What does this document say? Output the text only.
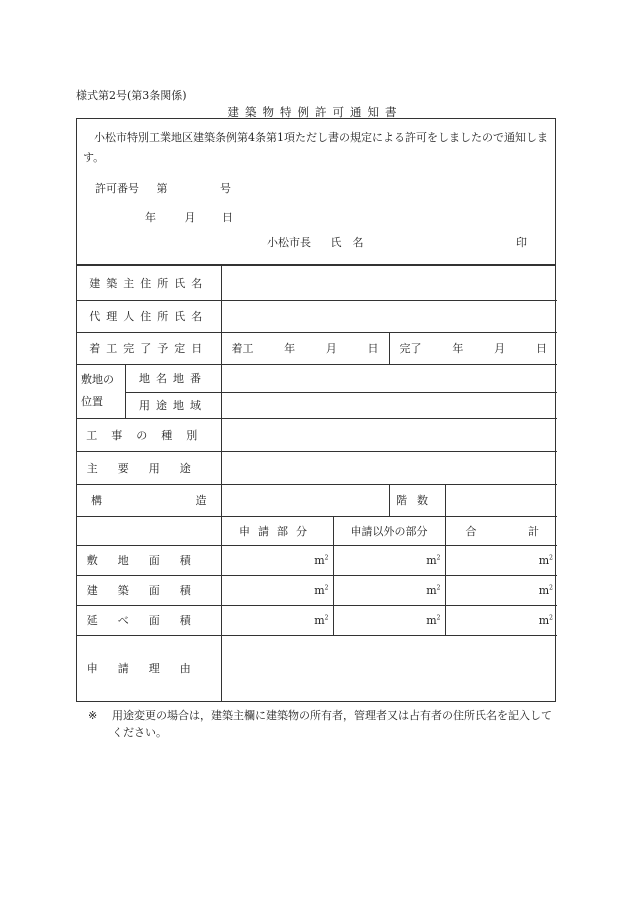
様式第2号(第3条関係)
建築物特例許可通知書
小松市特別工業地区建築条例第4条第1項ただし書の規定による許可をしましたので通知します。
許可番号 第	号
年	月 日
小松市長 氏　名	印
建築主住所氏名					
代理人住所氏名					
着工完了予定日		着工 年 月 日		完了 年 月 日	

敷地の
位置	地名地番				
	用途地域				
工事の種別					
主要用途					

構 造				階数	
		申請部分	申請以外の部分		合 計

敷地面積		$m^2$	$m^2$		$m^2$
建築面積		$m^2$	$m^2$		$m^2$
延べ面積		$m^2$	$m^2$		$m^2$
申請理由					
※	用途変更の場合は，建築主欄に建築物の所有者，管理者又は占有者の住所氏名を記入してください。
